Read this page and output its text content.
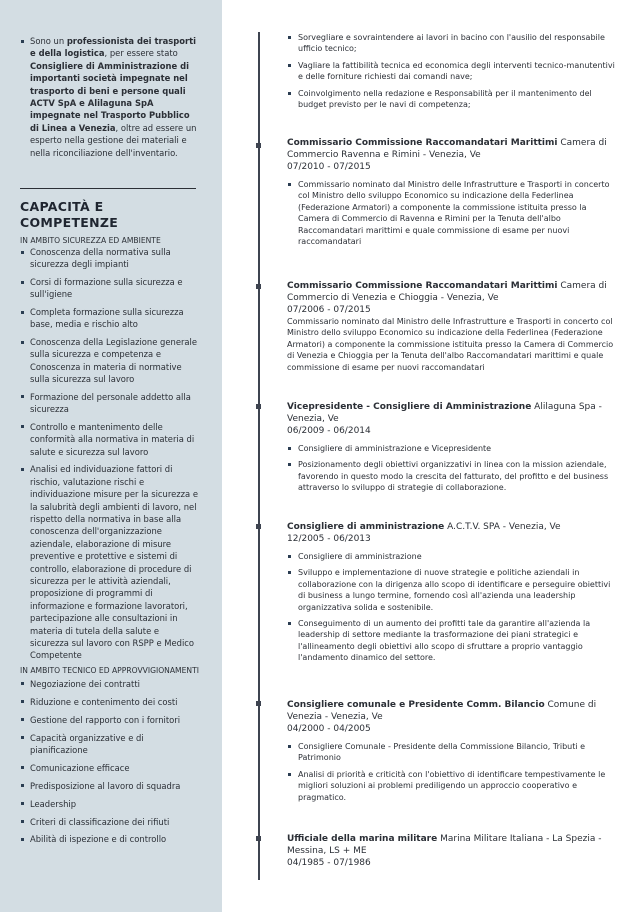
Sono un professionista dei trasporti e della logistica, per essere stato Consigliere di Amministrazione di importanti società impegnate nel trasporto di beni e persone quali ACTV SpA e Alilaguna SpA impegnate nel Trasporto Pubblico di Linea a Venezia, oltre ad essere un esperto nella gestione dei materiali e nella riconciliazione dell'inventario.
CAPACITÀ E COMPETENZE
IN AMBITO SICUREZZA ED AMBIENTE
Conoscenza della normativa sulla sicurezza degli impianti
Corsi di formazione sulla sicurezza e sull'igiene
Completa formazione sulla sicurezza base, media e rischio alto
Conoscenza della Legislazione generale sulla sicurezza e competenza e Conoscenza in materia di normative sulla sicurezza sul lavoro
Formazione del personale addetto alla sicurezza
Controllo e mantenimento delle conformità alla normativa in materia di salute e sicurezza sul lavoro
Analisi ed individuazione fattori di rischio, valutazione rischi e individuazione misure per la sicurezza e la salubrità degli ambienti di lavoro, nel rispetto della normativa in base alla conoscenza dell'organizzazione aziendale, elaborazione di misure preventive e protettive e sistemi di controllo, elaborazione di procedure di sicurezza per le attività aziendali, proposizione di programmi di informazione e formazione lavoratori, partecipazione alle consultazioni in materia di tutela della salute e sicurezza sul lavoro con RSPP e Medico Competente
IN AMBITO TECNICO ED APPROVVIGIONAMENTI
Negoziazione dei contratti
Riduzione e contenimento dei costi
Gestione del rapporto con i fornitori
Capacità organizzative e di pianificazione
Comunicazione efficace
Predisposizione al lavoro di squadra
Leadership
Criteri di classificazione dei rifiuti
Abilità di ispezione e di controllo
Sorvegliare e sovraintendere ai lavori in bacino con l'ausilio del responsabile ufficio tecnico;
Vagliare la fattibilità tecnica ed economica degli interventi tecnico-manutentivi e delle forniture richiesti dai comandi nave;
Coinvolgimento nella redazione e Responsabilità per il mantenimento del budget previsto per le navi di competenza;
Commissario Commissione Raccomandatari Marittimi Camera di Commercio Ravenna e Rimini - Venezia, Ve
07/2010 - 07/2015
Commissario nominato dal Ministro delle Infrastrutture e Trasporti in concerto col Ministro dello sviluppo Economico su indicazione della Federlinea (Federazione Armatori) a componente la commissione istituita presso la Camera di Commercio di Ravenna e Rimini per la Tenuta dell'albo Raccomandatari marittimi e quale commissione di esame per nuovi raccomandatari
Commissario Commissione Raccomandatari Marittimi Camera di Commercio di Venezia e Chioggia - Venezia, Ve
07/2006 - 07/2015
Commissario nominato dal Ministro delle Infrastrutture e Trasporti in concerto col Ministro dello sviluppo Economico su indicazione della Federlinea (Federazione Armatori) a componente la commissione istituita presso la Camera di Commercio di Venezia e Chioggia per la Tenuta dell'albo Raccomandatari marittimi e quale commissione di esame per nuovi raccomandatari
Vicepresidente - Consigliere di Amministrazione Alilaguna Spa - Venezia, Ve
06/2009 - 06/2014
Consigliere di amministrazione e Vicepresidente
Posizionamento degli obiettivi organizzativi in linea con la mission aziendale, favorendo in questo modo la crescita del fatturato, del profitto e del business attraverso lo sviluppo di strategie di collaborazione.
Consigliere di amministrazione A.C.T.V. SPA - Venezia, Ve
12/2005 - 06/2013
Consigliere di amministrazione
Sviluppo e implementazione di nuove strategie e politiche aziendali in collaborazione con la dirigenza allo scopo di identificare e perseguire obiettivi di business a lungo termine, fornendo così all'azienda una leadership organizzativa solida e sostenibile.
Conseguimento di un aumento dei profitti tale da garantire all'azienda la leadership di settore mediante la trasformazione dei piani strategici e l'allineamento degli obiettivi allo scopo di sfruttare a proprio vantaggio l'andamento dinamico del settore.
Consigliere comunale e Presidente Comm. Bilancio Comune di Venezia - Venezia, Ve
04/2000 - 04/2005
Consigliere Comunale - Presidente della Commissione Bilancio, Tributi e Patrimonio
Analisi di priorità e criticità con l'obiettivo di identificare tempestivamente le migliori soluzioni ai problemi prediligendo un approccio cooperativo e pragmatico.
Ufficiale della marina militare Marina Militare Italiana - La Spezia - Messina, LS + ME
04/1985 - 07/1986
